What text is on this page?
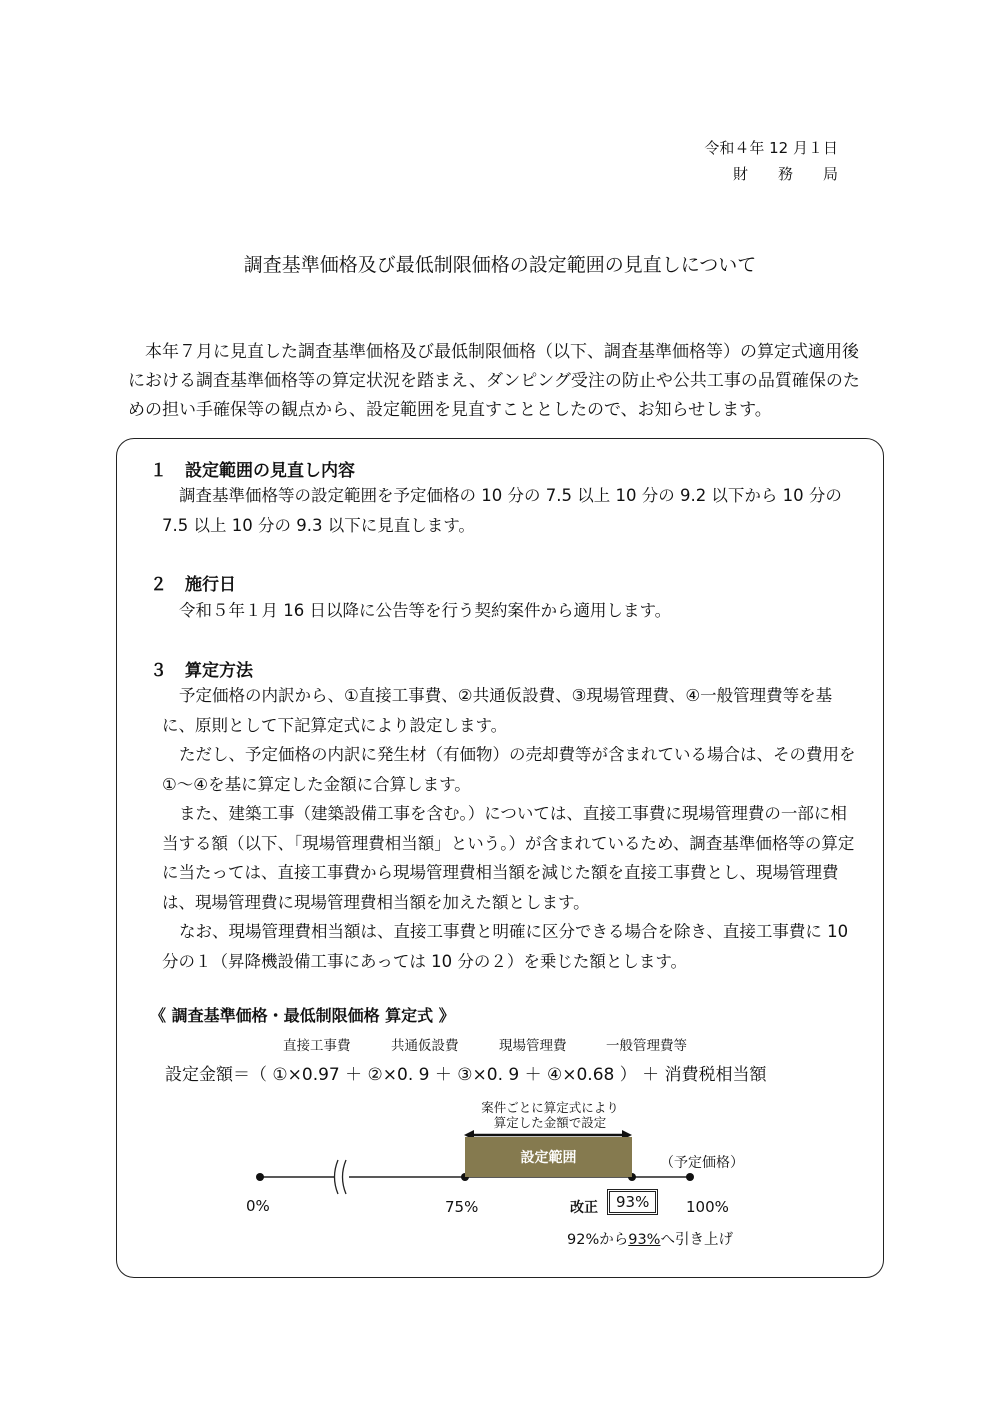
令和４年 12 月１日
財務局
調査基準価格及び最低制限価格の設定範囲の見直しについて
本年７月に見直した調査基準価格及び最低制限価格（以下、調査基準価格等）の算定式適用後における調査基準価格等の算定状況を踏まえ、ダンピング受注の防止や公共工事の品質確保のための担い手確保等の観点から、設定範囲を見直すこととしたので、お知らせします。
１ 設定範囲の見直し内容
調査基準価格等の設定範囲を予定価格の 10 分の 7.5 以上 10 分の 9.2 以下から 10 分の 7.5 以上 10 分の 9.3 以下に見直します。
２ 施行日
令和５年１月 16 日以降に公告等を行う契約案件から適用します。
３ 算定方法
予定価格の内訳から、①直接工事費、②共通仮設費、③現場管理費、④一般管理費等を基に、原則として下記算定式により設定します。
ただし、予定価格の内訳に発生材（有価物）の売却費等が含まれている場合は、その費用を①～④を基に算定した金額に合算します。
また、建築工事（建築設備工事を含む。）については、直接工事費に現場管理費の一部に相当する額（以下、「現場管理費相当額」という。）が含まれているため、調査基準価格等の算定に当たっては、直接工事費から現場管理費相当額を減じた額を直接工事費とし、現場管理費は、現場管理費に現場管理費相当額を加えた額とします。
なお、現場管理費相当額は、直接工事費と明確に区分できる場合を除き、直接工事費に 10 分の１（昇降機設備工事にあっては 10 分の２）を乗じた額とします。
《 調査基準価格・最低制限価格 算定式 》
直接工事費	共通仮設費	現場管理費	一般管理費等
設定金額＝（ ①×0.97 ＋ ②×0. 9 ＋ ③×0. 9 ＋ ④×0.68 ） ＋ 消費税相当額
案件ごとに算定式により
算定した金額で設定
設定範囲	（予定価格）
0%	75%	改正	93%	100%
92%から93%へ引き上げ
